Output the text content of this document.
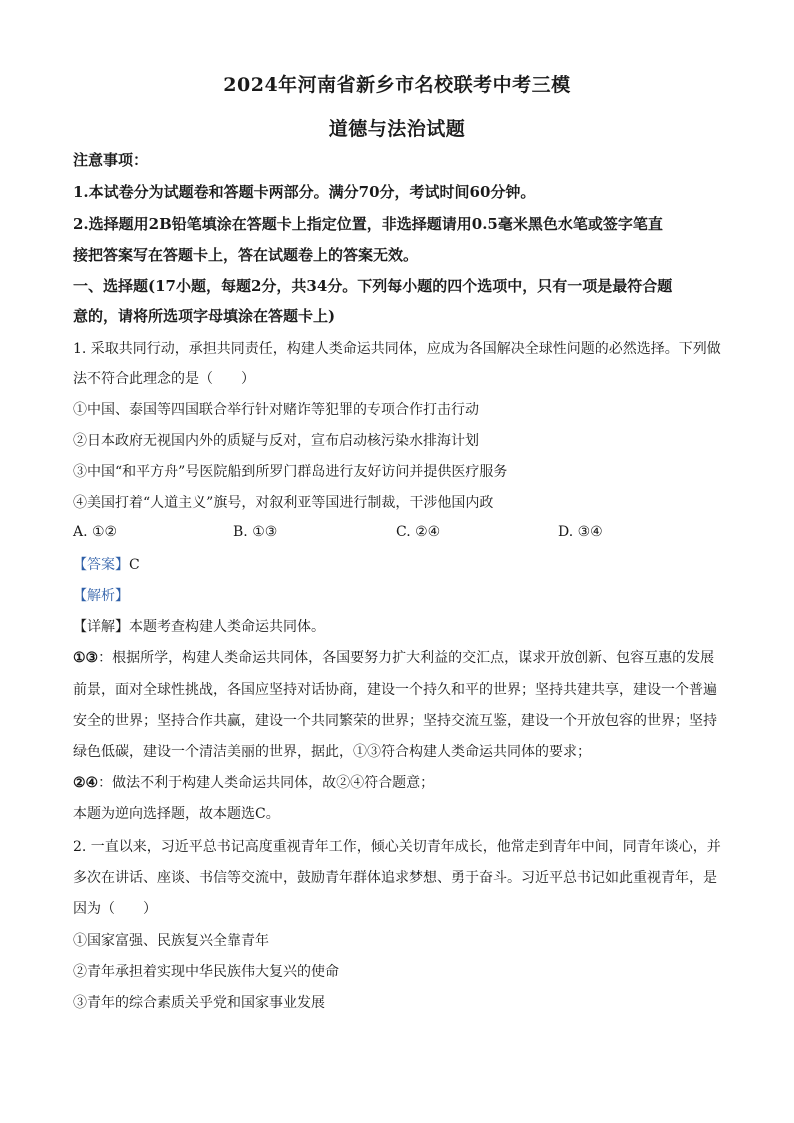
2024年河南省新乡市名校联考中考三模
道德与法治试题

注意事项：

1.本试卷分为试题卷和答题卡两部分。满分70分，考试时间60分钟。

2.选择题用2B铅笔填涂在答题卡上指定位置，非选择题请用0.5毫米黑色水笔或签字笔直

接把答案写在答题卡上，答在试题卷上的答案无效。

一、选择题(17小题，每题2分，共34分。下列每小题的四个选项中，只有一项是最符合题

意的，请将所选项字母填涂在答题卡上)

1. 采取共同行动，承担共同责任，构建人类命运共同体，应成为各国解决全球性问题的必然选择。下列做

法不符合此理念的是（　　）

①中国、泰国等四国联合举行针对赌诈等犯罪的专项合作打击行动

②日本政府无视国内外的质疑与反对，宣布启动核污染水排海计划

③中国“和平方舟”号医院船到所罗门群岛进行友好访问并提供医疗服务

④美国打着“人道主义”旗号，对叙利亚等国进行制裁，干涉他国内政

A. ①②	B. ①③	C. ②④	D. ③④

【答案】C

【解析】

【详解】本题考查构建人类命运共同体。

①③：根据所学，构建人类命运共同体，各国要努力扩大利益的交汇点，谋求开放创新、包容互惠的发展

前景，面对全球性挑战，各国应坚持对话协商，建设一个持久和平的世界；坚持共建共享，建设一个普遍

安全的世界；坚持合作共赢，建设一个共同繁荣的世界；坚持交流互鉴，建设一个开放包容的世界；坚持

绿色低碳，建设一个清洁美丽的世界，据此，①③符合构建人类命运共同体的要求；

②④：做法不利于构建人类命运共同体，故②④符合题意；

本题为逆向选择题，故本题选C。

2. 一直以来，习近平总书记高度重视青年工作，倾心关切青年成长，他常走到青年中间，同青年谈心，并

多次在讲话、座谈、书信等交流中，鼓励青年群体追求梦想、勇于奋斗。习近平总书记如此重视青年，是

因为（　　）

①国家富强、民族复兴全靠青年

②青年承担着实现中华民族伟大复兴的使命

③青年的综合素质关乎党和国家事业发展
